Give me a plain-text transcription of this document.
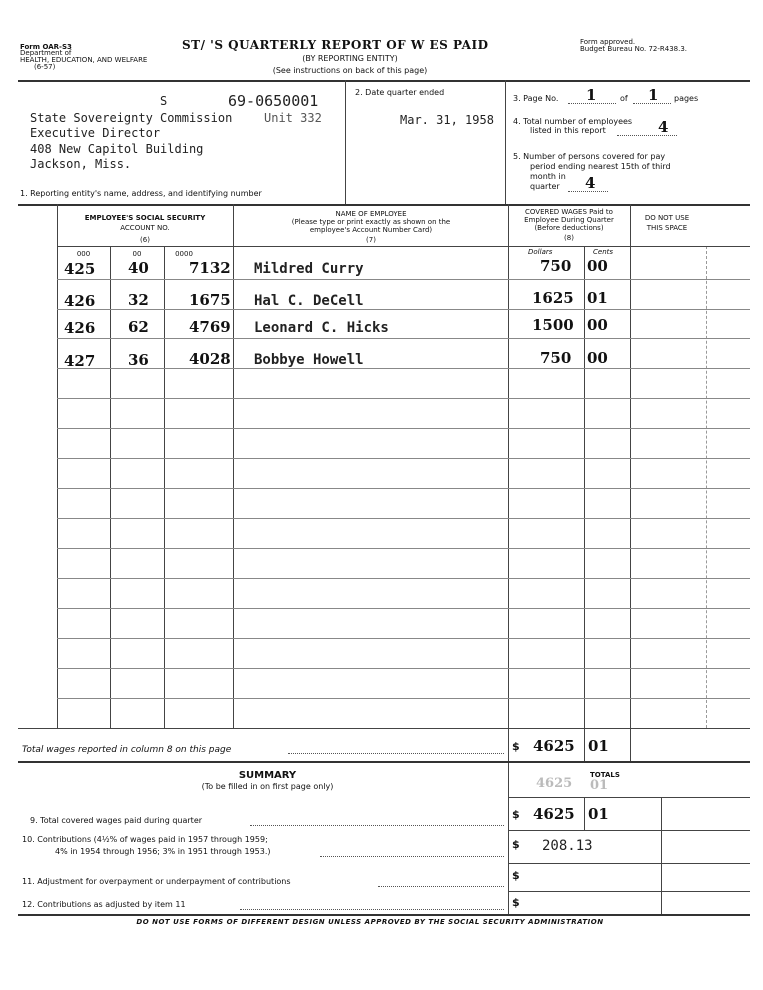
Form OAR-S3
Department of
HEALTH, EDUCATION, AND WELFARE
(6-57)
ST/ 'S QUARTERLY REPORT OF W ES PAID
(BY REPORTING ENTITY)
(See instructions on back of this page)
Form approved.
Budget Bureau No. 72-R438.3.
S	69-0650001
State Sovereignty Commission	Unit 332
Executive Director
408 New Capitol Building
Jackson, Miss.
1. Reporting entity's name, address, and identifying number
2. Date quarter ended
Mar. 31, 1958
3. Page No. 1	of 1 pages
4. Total number of employees
listed in this report	4
5. Number of persons covered for pay
period ending nearest 15th of third
month in
quarter 4
EMPLOYEE'S SOCIAL SECURITY
ACCOUNT NO.
(6)
NAME OF EMPLOYEE
(Please type or print exactly as shown on the
employee's Account Number Card)
(7)
COVERED WAGES Paid to
Employee During Quarter
(Before deductions)
(8)
DO NOT USE
THIS SPACE
000	00	0000	Dollars	Cents
425 40	7132 Mildred Curry	750 00
426 32	1675 Hal C. DeCell	1625 01
426 62	4769 Leonard C. Hicks	1500 00
427 36	4028 Bobbye Howell	750 00
Total wages reported in column 8 on this page	$ 4625 01
SUMMARY
(To be filled in on first page only)
TOTALS
4625 01
9. Total covered wages paid during quarter	$ 4625 01
10. Contributions (4½% of wages paid in 1957 through 1959;
4% in 1954 through 1956; 3% in 1951 through 1953.)
$ 208.13
11. Adjustment for overpayment or underpayment of contributions	$
12. Contributions as adjusted by item 11	$
DO NOT USE FORMS OF DIFFERENT DESIGN UNLESS APPROVED BY THE SOCIAL SECURITY ADMINISTRATION
